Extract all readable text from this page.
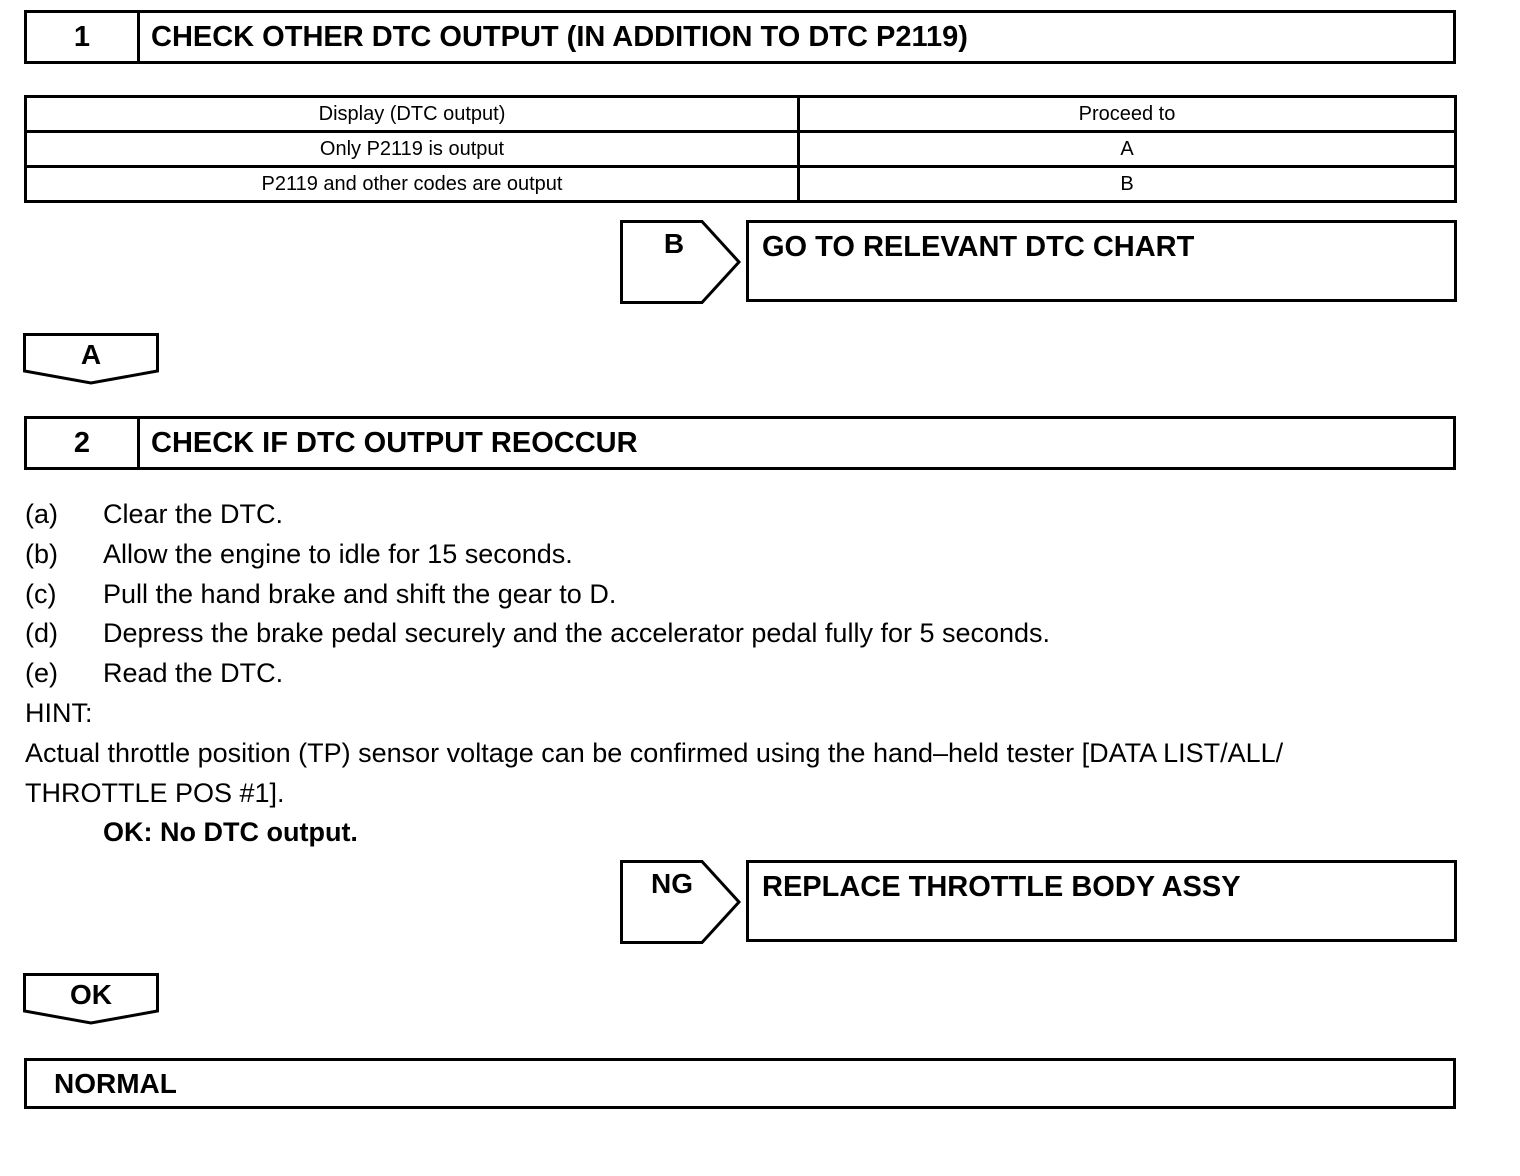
1	CHECK OTHER DTC OUTPUT (IN ADDITION TO DTC P2119)
Display (DTC output)	Proceed to
Only P2119 is output	A
P2119 and other codes are output	B
B	GO TO RELEVANT DTC CHART
A
2	CHECK IF DTC OUTPUT REOCCUR
(a) Clear the DTC.
(b) Allow the engine to idle for 15 seconds.
(c) Pull the hand brake and shift the gear to D.
(d) Depress the brake pedal securely and the accelerator pedal fully for 5 seconds.
(e) Read the DTC.
HINT:
Actual throttle position (TP) sensor voltage can be confirmed using the hand–held tester [DATA LIST/ALL/
THROTTLE POS #1].
OK: No DTC output.
NG	REPLACE THROTTLE BODY ASSY
OK
NORMAL
